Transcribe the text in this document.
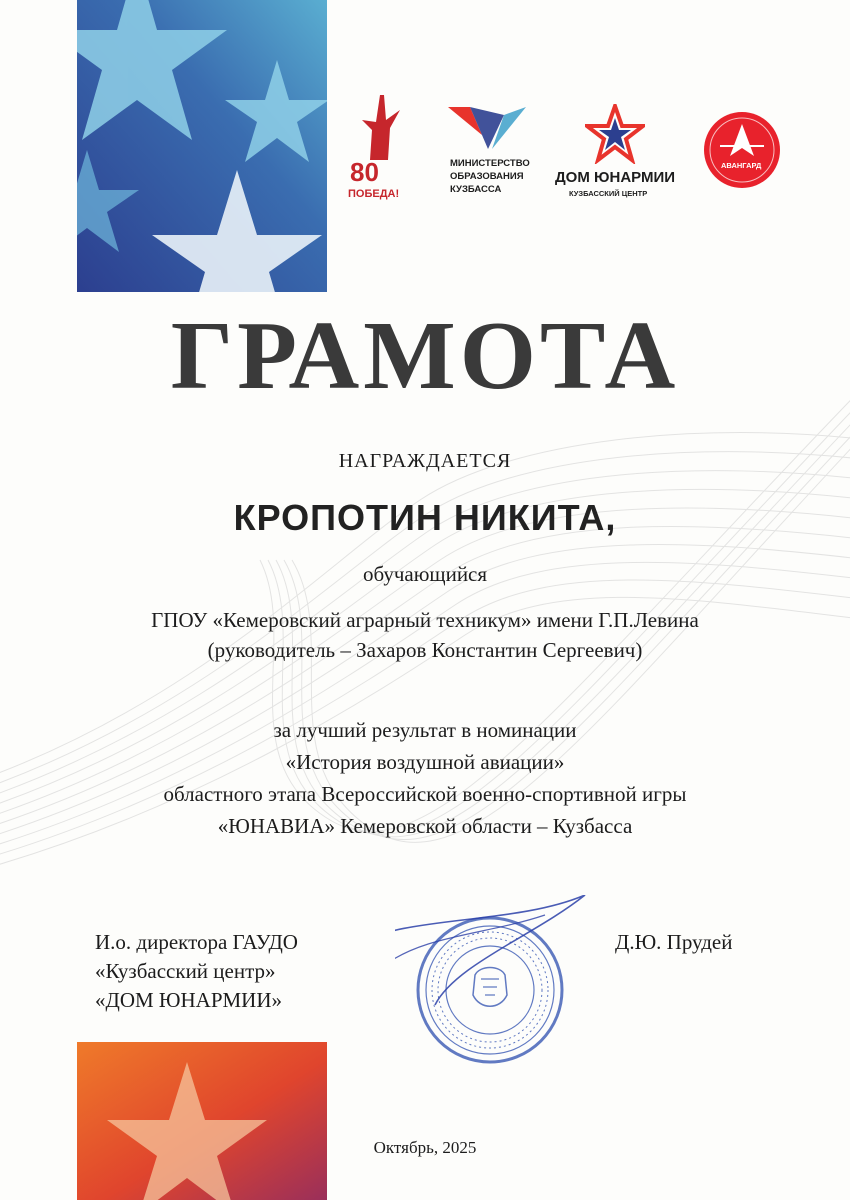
80
ПОБЕДА!
МИНИСТЕРСТВО
ОБРАЗОВАНИЯ
КУЗБАССА
ДОМ ЮНАРМИИ
КУЗБАССКИЙ ЦЕНТР
АВАНГАРД
ГРАМОТА
НАГРАЖДАЕТСЯ
КРОПОТИН НИКИТА,
обучающийся
ГПОУ «Кемеровский аграрный техникум» имени Г.П.Левина
(руководитель – Захаров Константин Сергеевич)
за лучший результат в номинации
«История воздушной авиации»
областного этапа Всероссийской военно-спортивной игры
«ЮНАВИА» Кемеровской области – Кузбасса
И.о. директора ГАУДО
«Кузбасский центр»
«ДОМ ЮНАРМИИ»
Д.Ю. Прудей
Октябрь, 2025
